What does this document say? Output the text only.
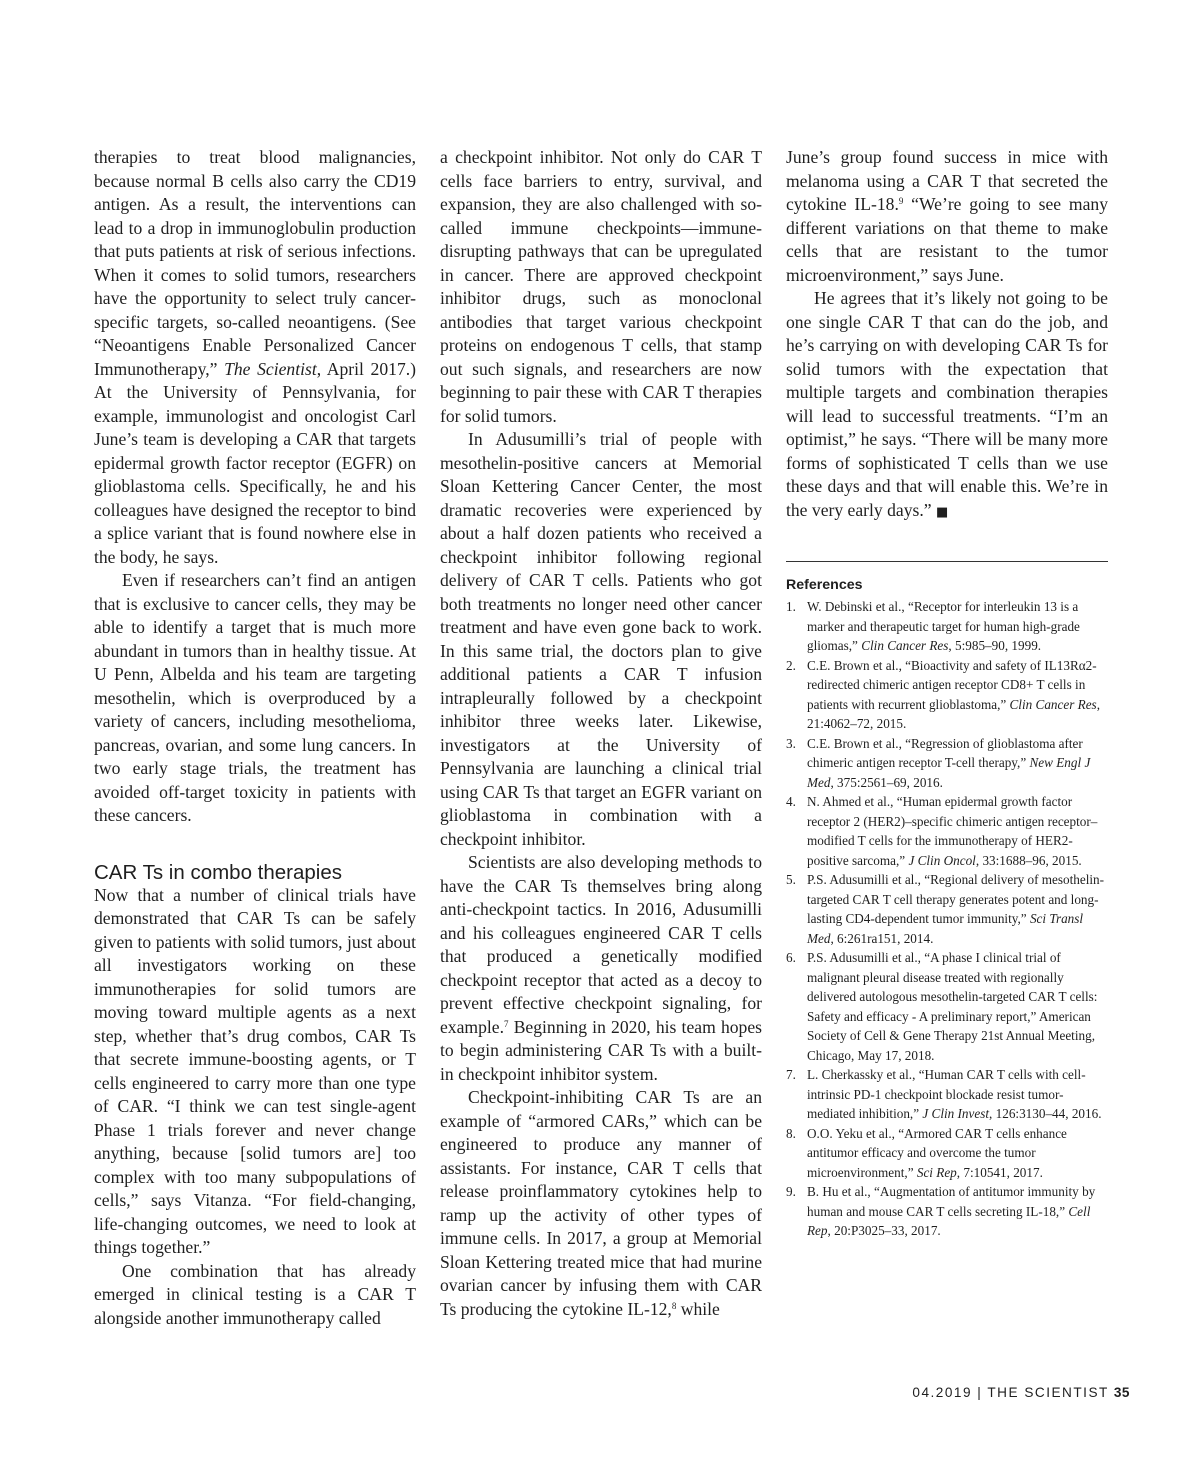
therapies to treat blood malignancies, because normal B cells also carry the CD19 antigen. As a result, the interventions can lead to a drop in immunoglobulin production that puts patients at risk of serious infections. When it comes to solid tumors, researchers have the opportunity to select truly cancer-specific targets, so-called neoantigens. (See “Neoantigens Enable Personalized Cancer Immunotherapy,” The Scientist, April 2017.) At the University of Pennsylvania, for example, immunologist and oncologist Carl June’s team is developing a CAR that targets epidermal growth factor receptor (EGFR) on glioblastoma cells. Specifically, he and his colleagues have designed the receptor to bind a splice variant that is found nowhere else in the body, he says.

Even if researchers can’t find an antigen that is exclusive to cancer cells, they may be able to identify a target that is much more abundant in tumors than in healthy tissue. At U Penn, Albelda and his team are targeting mesothelin, which is overproduced by a variety of cancers, including mesothelioma, pancreas, ovarian, and some lung cancers. In two early stage trials, the treatment has avoided off-target toxicity in patients with these cancers.

CAR Ts in combo therapies

Now that a number of clinical trials have demonstrated that CAR Ts can be safely given to patients with solid tumors, just about all investigators working on these immunotherapies for solid tumors are moving toward multiple agents as a next step, whether that’s drug combos, CAR Ts that secrete immune-boosting agents, or T cells engineered to carry more than one type of CAR. “I think we can test single-agent Phase 1 trials forever and never change anything, because [solid tumors are] too complex with too many subpopulations of cells,” says Vitanza. “For field-changing, life-changing outcomes, we need to look at things together.”

One combination that has already emerged in clinical testing is a CAR T alongside another immunotherapy called

a checkpoint inhibitor. Not only do CAR T cells face barriers to entry, survival, and expansion, they are also challenged with so-called immune checkpoints—immune-disrupting pathways that can be upregulated in cancer. There are approved checkpoint inhibitor drugs, such as monoclonal antibodies that target various checkpoint proteins on endogenous T cells, that stamp out such signals, and researchers are now beginning to pair these with CAR T therapies for solid tumors.

In Adusumilli’s trial of people with mesothelin-positive cancers at Memorial Sloan Kettering Cancer Center, the most dramatic recoveries were experienced by about a half dozen patients who received a checkpoint inhibitor following regional delivery of CAR T cells. Patients who got both treatments no longer need other cancer treatment and have even gone back to work. In this same trial, the doctors plan to give additional patients a CAR T infusion intrapleurally followed by a checkpoint inhibitor three weeks later. Likewise, investigators at the University of Pennsylvania are launching a clinical trial using CAR Ts that target an EGFR variant on glioblastoma in combination with a checkpoint inhibitor.

Scientists are also developing methods to have the CAR Ts themselves bring along anti-checkpoint tactics. In 2016, Adusumilli and his colleagues engineered CAR T cells that produced a genetically modified checkpoint receptor that acted as a decoy to prevent effective checkpoint signaling, for example.$^7$ Beginning in 2020, his team hopes to begin administering CAR Ts with a built-in checkpoint inhibitor system.

Checkpoint-inhibiting CAR Ts are an example of “armored CARs,” which can be engineered to produce any manner of assistants. For instance, CAR T cells that release proinflammatory cytokines help to ramp up the activity of other types of immune cells. In 2017, a group at Memorial Sloan Kettering treated mice that had murine ovarian cancer by infusing them with CAR Ts producing the cytokine IL-12,$^8$ while

June’s group found success in mice with melanoma using a CAR T that secreted the cytokine IL-18.$^9$ “We’re going to see many different variations on that theme to make cells that are resistant to the tumor microenvironment,” says June.

He agrees that it’s likely not going to be one single CAR T that can do the job, and he’s carrying on with developing CAR Ts for solid tumors with the expectation that multiple targets and combination therapies will lead to successful treatments. “I’m an optimist,” he says. “There will be many more forms of sophisticated T cells than we use these days and that will enable this. We’re in the very early days.” ■

References
1. W. Debinski et al., “Receptor for interleukin 13 is a marker and therapeutic target for human high-grade gliomas,” Clin Cancer Res, 5:985–90, 1999.
2. C.E. Brown et al., “Bioactivity and safety of IL13Rα2-redirected chimeric antigen receptor CD8+ T cells in patients with recurrent glioblastoma,” Clin Cancer Res, 21:4062–72, 2015.
3. C.E. Brown et al., “Regression of glioblastoma after chimeric antigen receptor T-cell therapy,” New Engl J Med, 375:2561–69, 2016.
4. N. Ahmed et al., “Human epidermal growth factor receptor 2 (HER2)–specific chimeric antigen receptor–modified T cells for the immunotherapy of HER2-positive sarcoma,” J Clin Oncol, 33:1688–96, 2015.
5. P.S. Adusumilli et al., “Regional delivery of mesothelin-targeted CAR T cell therapy generates potent and long-lasting CD4-dependent tumor immunity,” Sci Transl Med, 6:261ra151, 2014.
6. P.S. Adusumilli et al., “A phase I clinical trial of malignant pleural disease treated with regionally delivered autologous mesothelin-targeted CAR T cells: Safety and efficacy - A preliminary report,” American Society of Cell & Gene Therapy 21st Annual Meeting, Chicago, May 17, 2018.
7. L. Cherkassky et al., “Human CAR T cells with cell-intrinsic PD-1 checkpoint blockade resist tumor-mediated inhibition,” J Clin Invest, 126:3130–44, 2016.
8. O.O. Yeku et al., “Armored CAR T cells enhance antitumor efficacy and overcome the tumor microenvironment,” Sci Rep, 7:10541, 2017.
9. B. Hu et al., “Augmentation of antitumor immunity by human and mouse CAR T cells secreting IL-18,” Cell Rep, 20:P3025–33, 2017.
04.2019 | THE SCIENTIST 35
